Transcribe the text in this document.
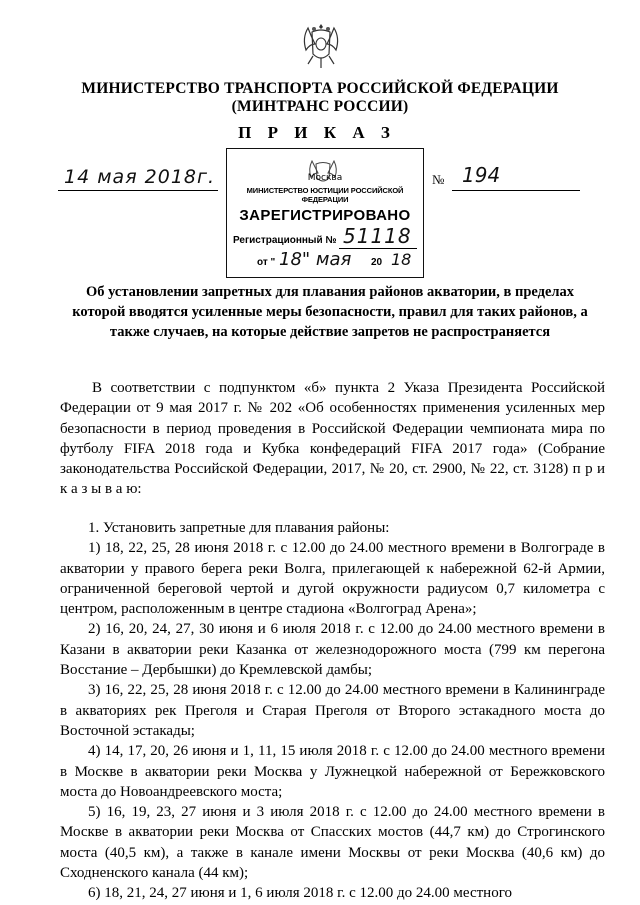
МИНИСТЕРСТВО ТРАНСПОРТА РОССИЙСКОЙ ФЕДЕРАЦИИ
(МИНТРАНС РОССИИ)
П Р И К А З
14 мая 2018г.	№ 194
Москва
МИНИСТЕРСТВО ЮСТИЦИИ РОССИЙСКОЙ ФЕДЕРАЦИИ
ЗАРЕГИСТРИРОВАНО
Регистрационный № 51118
от " 18" мая 20 18
Об установлении запретных для плавания районов акватории, в пределах которой вводятся усиленные меры безопасности, правил для таких районов, а также случаев, на которые действие запретов не распространяется
В соответствии с подпунктом «б» пункта 2 Указа Президента Российской Федерации от 9 мая 2017 г. № 202 «Об особенностях применения усиленных мер безопасности в период проведения в Российской Федерации чемпионата мира по футболу FIFA 2018 года и Кубка конфедераций FIFA 2017 года» (Собрание законодательства Российской Федерации, 2017, № 20, ст. 2900, № 22, ст. 3128) п р и к а з ы в а ю:

1. Установить запретные для плавания районы:

1) 18, 22, 25, 28 июня 2018 г. с 12.00 до 24.00 местного времени в Волгограде в акватории у правого берега реки Волга, прилегающей к набережной 62-й Армии, ограниченной береговой чертой и дугой окружности радиусом 0,7 километра с центром, расположенным в центре стадиона «Волгоград Арена»;

2) 16, 20, 24, 27, 30 июня и 6 июля 2018 г. с 12.00 до 24.00 местного времени в Казани в акватории реки Казанка от железнодорожного моста (799 км перегона Восстание – Дербышки) до Кремлевской дамбы;

3) 16, 22, 25, 28 июня 2018 г. с 12.00 до 24.00 местного времени в Калининграде в акваториях рек Преголя и Старая Преголя от Второго эстакадного моста до Восточной эстакады;

4) 14, 17, 20, 26 июня и 1, 11, 15 июля 2018 г. с 12.00 до 24.00 местного времени в Москве в акватории реки Москва у Лужнецкой набережной от Бережковского моста до Новоандреевского моста;

5) 16, 19, 23, 27 июня и 3 июля 2018 г. с 12.00 до 24.00 местного времени в Москве в акватории реки Москва от Спасских мостов (44,7 км) до Строгинского моста (40,5 км), а также в канале имени Москвы от реки Москва (40,6 км) до Сходненского канала (44 км);

6) 18, 21, 24, 27 июня и 1, 6 июля 2018 г. с 12.00 до 24.00 местного
